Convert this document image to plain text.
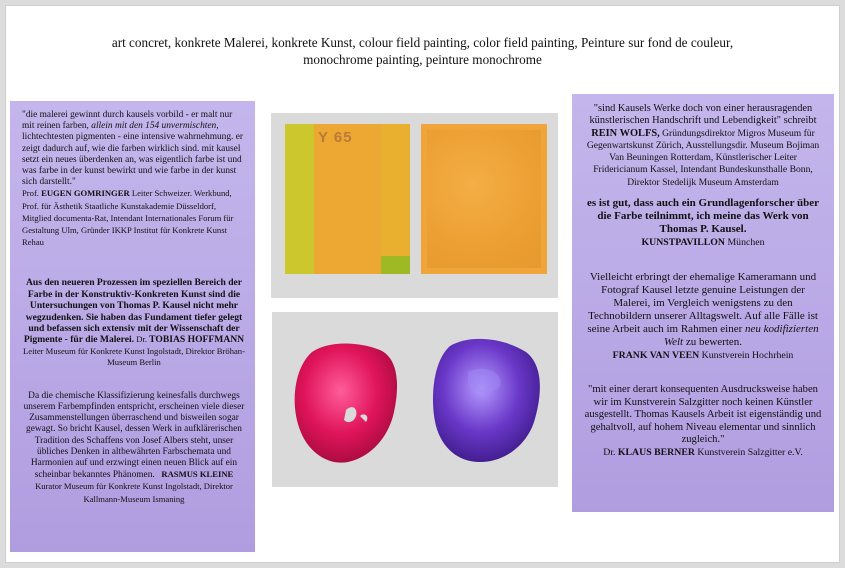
art concret, konkrete Malerei, konkrete Kunst, colour field painting, color field painting, Peinture sur fond de couleur,
monochrome painting, peinture monochrome

"die malerei gewinnt durch kausels vorbild - er malt nur mit reinen farben, allein mit den 154 unvermischten, lichtechtesten pigmenten - eine intensive wahrnehmung. er zeigt dadurch auf, wie die farben wirklich sind. mit kausel setzt ein neues überdenken an, was eigentlich farbe ist und was farbe in der kunst bewirkt und wie farbe in der kunst sich darstellt."
Prof. EUGEN GOMRINGER Leiter Schweizer. Werkbund, Prof. für Ästhetik Staatliche Kunstakademie Düsseldorf, Mitglied documenta-Rat, Intendant Internationales Forum für Gestaltung Ulm, Gründer IKKP Institut für Konkrete Kunst Rehau

Aus den neueren Prozessen im speziellen Bereich der Farbe in der Konstruktiv-Konkreten Kunst sind die Untersuchungen von Thomas P. Kausel nicht mehr wegzudenken. Sie haben das Fundament tiefer gelegt und befassen sich extensiv mit der Wissenschaft der Pigmente - für die Malerei. Dr. TOBIAS HOFFMANN Leiter Museum für Konkrete Kunst Ingolstadt, Direktor Bröhan-Museum Berlin
Da die chemische Klassifizierung keinesfalls durchwegs unserem Farbempfinden entspricht, erscheinen viele dieser Zusammenstellungen überraschend und bisweilen sogar gewagt. So bricht Kausel, dessen Werk in aufklärerischen Tradition des Schaffens von Josef Albers steht, unser übliches Denken in altbewährten Farbschemata und Harmonien auf und erzwingt einen neuen Blick auf ein scheinbar bekanntes Phänomen. RASMUS KLEINE Kurator Museum für Konkrete Kunst Ingolstadt, Direktor Kallmann-Museum Ismaning
Y 65

"sind Kausels Werke doch von einer herausragenden künstlerischen Handschrift und Lebendigkeit" schreibt REIN WOLFS, Gründungsdirektor Migros Museum für Gegenwartskunst Zürich, Ausstellungsdir. Museum Bojiman Van Beuningen Rotterdam, Künstlerischer Leiter Fridericianum Kassel, Intendant Bundeskunsthalle Bonn, Direktor Stedelijk Museum Amsterdam

es ist gut, dass auch ein Grundlagenforscher über die Farbe teilnimmt, ich meine das Werk von Thomas P. Kausel.
KUNSTPAVILLON München
Vielleicht erbringt der ehemalige Kameramann und Fotograf Kausel letzte genuine Leistungen der Malerei, im Vergleich wenigstens zu den Technobildern unserer Alltagswelt. Auf alle Fälle ist seine Arbeit auch im Rahmen einer neu kodifizierten Welt zu bewerten.
FRANK VAN VEEN Kunstverein Hochrhein
"mit einer derart konsequenten Ausdrucksweise haben wir im Kunstverein Salzgitter noch keinen Künstler ausgestellt. Thomas Kausels Arbeit ist eigenständig und gehaltvoll, auf hohem Niveau elementar und sinnlich zugleich."
Dr. KLAUS BERNER Kunstverein Salzgitter e.V.
